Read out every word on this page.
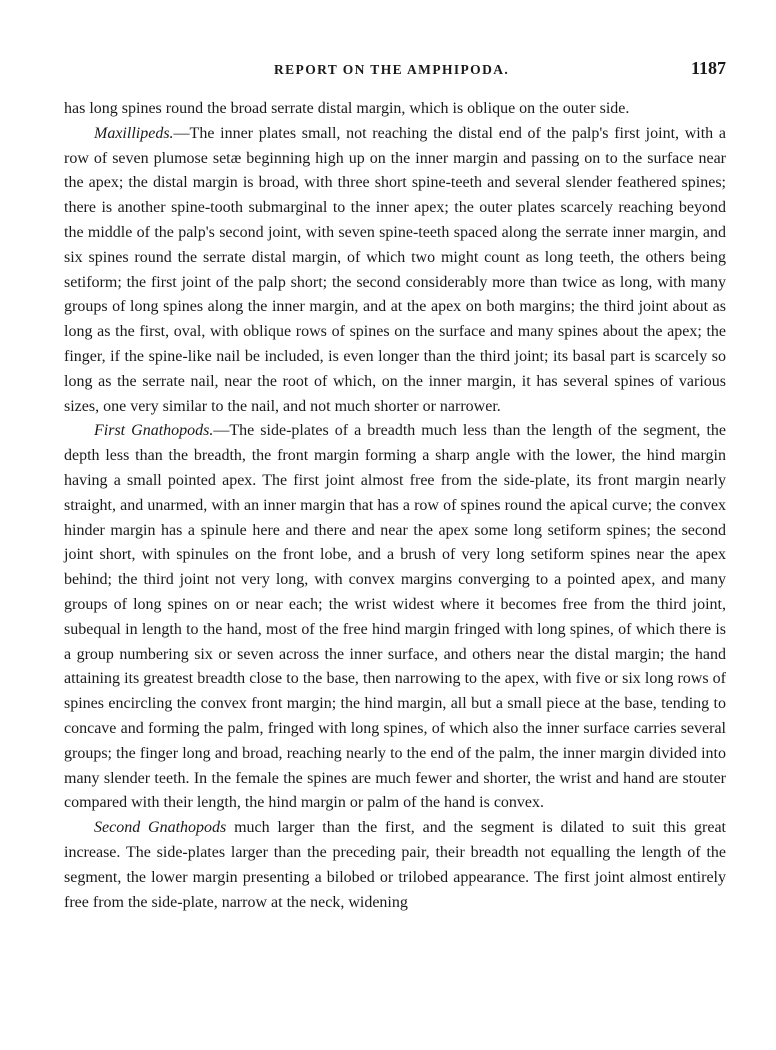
REPORT ON THE AMPHIPODA.	1187

has long spines round the broad serrate distal margin, which is oblique on the outer side.

Maxillipeds.—The inner plates small, not reaching the distal end of the palp's first joint, with a row of seven plumose setæ beginning high up on the inner margin and passing on to the surface near the apex; the distal margin is broad, with three short spine-teeth and several slender feathered spines; there is another spine-tooth submarginal to the inner apex; the outer plates scarcely reaching beyond the middle of the palp's second joint, with seven spine-teeth spaced along the serrate inner margin, and six spines round the serrate distal margin, of which two might count as long teeth, the others being setiform; the first joint of the palp short; the second considerably more than twice as long, with many groups of long spines along the inner margin, and at the apex on both margins; the third joint about as long as the first, oval, with oblique rows of spines on the surface and many spines about the apex; the finger, if the spine-like nail be included, is even longer than the third joint; its basal part is scarcely so long as the serrate nail, near the root of which, on the inner margin, it has several spines of various sizes, one very similar to the nail, and not much shorter or narrower.

First Gnathopods.—The side-plates of a breadth much less than the length of the segment, the depth less than the breadth, the front margin forming a sharp angle with the lower, the hind margin having a small pointed apex. The first joint almost free from the side-plate, its front margin nearly straight, and unarmed, with an inner margin that has a row of spines round the apical curve; the convex hinder margin has a spinule here and there and near the apex some long setiform spines; the second joint short, with spinules on the front lobe, and a brush of very long setiform spines near the apex behind; the third joint not very long, with convex margins converging to a pointed apex, and many groups of long spines on or near each; the wrist widest where it becomes free from the third joint, subequal in length to the hand, most of the free hind margin fringed with long spines, of which there is a group numbering six or seven across the inner surface, and others near the distal margin; the hand attaining its greatest breadth close to the base, then narrowing to the apex, with five or six long rows of spines encircling the convex front margin; the hind margin, all but a small piece at the base, tending to concave and forming the palm, fringed with long spines, of which also the inner surface carries several groups; the finger long and broad, reaching nearly to the end of the palm, the inner margin divided into many slender teeth. In the female the spines are much fewer and shorter, the wrist and hand are stouter compared with their length, the hind margin or palm of the hand is convex.

Second Gnathopods much larger than the first, and the segment is dilated to suit this great increase. The side-plates larger than the preceding pair, their breadth not equalling the length of the segment, the lower margin presenting a bilobed or trilobed appearance. The first joint almost entirely free from the side-plate, narrow at the neck, widening
